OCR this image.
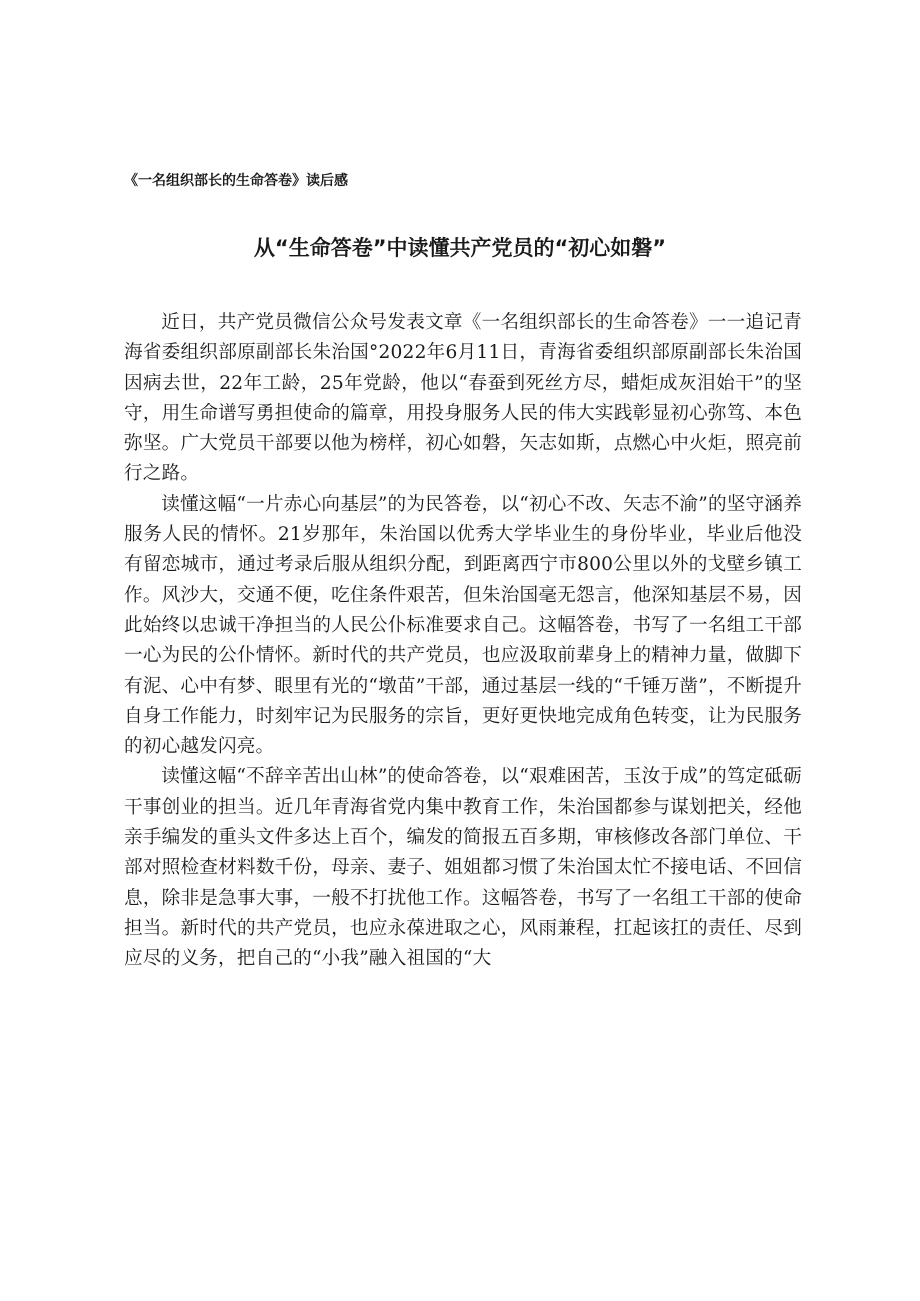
《一名组织部长的生命答卷》读后感

从“生命答卷”中读懂共产党员的“初心如磐”

近日，共产党员微信公众号发表文章《一名组织部长的生命答卷》一一追记青海省委组织部原副部长朱治国°2022年6月11日，青海省委组织部原副部长朱治国因病去世，22年工龄，25年党龄，他以“春蚕到死丝方尽，蜡炬成灰泪始干”的坚守，用生命谱写勇担使命的篇章，用投身服务人民的伟大实践彰显初心弥笃、本色弥坚。广大党员干部要以他为榜样，初心如磐，矢志如斯，点燃心中火炬，照亮前行之路。

读懂这幅“一片赤心向基层”的为民答卷，以“初心不改、矢志不渝”的坚守涵养服务人民的情怀。21岁那年，朱治国以优秀大学毕业生的身份毕业，毕业后他没有留恋城市，通过考录后服从组织分配，到距离西宁市800公里以外的戈壁乡镇工作。风沙大，交通不便，吃住条件艰苦，但朱治国毫无怨言，他深知基层不易，因此始终以忠诚干净担当的人民公仆标准要求自己。这幅答卷，书写了一名组工干部一心为民的公仆情怀。新时代的共产党员，也应汲取前辈身上的精神力量，做脚下有泥、心中有梦、眼里有光的“墩苗”干部，通过基层一线的“千锤万凿”，不断提升自身工作能力，时刻牢记为民服务的宗旨，更好更快地完成角色转变，让为民服务的初心越发闪亮。

读懂这幅“不辞辛苦出山林”的使命答卷，以“艰难困苦，玉汝于成”的笃定砥砺干事创业的担当。近几年青海省党内集中教育工作，朱治国都参与谋划把关，经他亲手编发的重头文件多达上百个，编发的简报五百多期，审核修改各部门单位、干部对照检查材料数千份，母亲、妻子、姐姐都习惯了朱治国太忙不接电话、不回信息，除非是急事大事，一般不打扰他工作。这幅答卷，书写了一名组工干部的使命担当。新时代的共产党员，也应永葆进取之心，风雨兼程，扛起该扛的责任、尽到应尽的义务，把自己的“小我”融入祖国的“大
